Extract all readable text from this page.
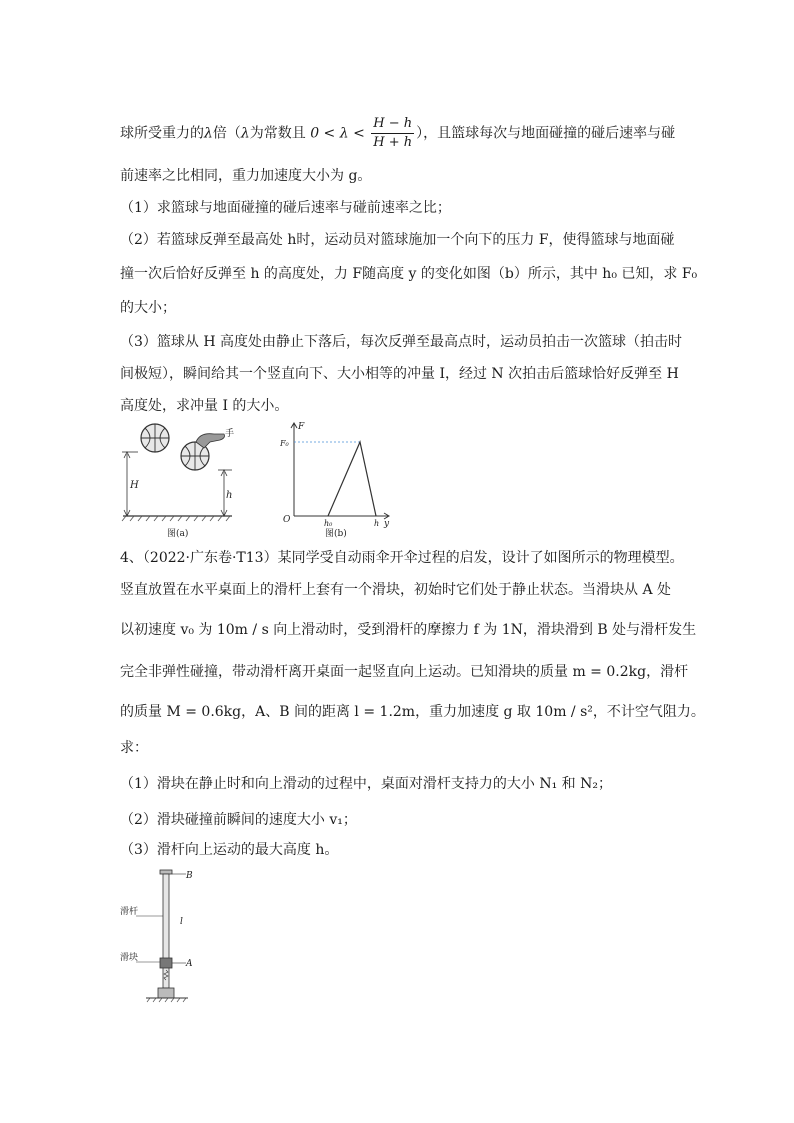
球所受重力的λ倍（λ为常数且 $0 < \lambda < \frac{H - h}{H + h}$ ），且篮球每次与地面碰撞的碰后速率与碰
前速率之比相同，重力加速度大小为 g。
（1）求篮球与地面碰撞的碰后速率与碰前速率之比；
（2）若篮球反弹至最高处 h时，运动员对篮球施加一个向下的压力 F，使得篮球与地面碰
撞一次后恰好反弹至 h 的高度处，力 F随高度 y 的变化如图（b）所示，其中 h₀ 已知，求 F₀
的大小；
（3）篮球从 H 高度处由静止下落后，每次反弹至最高点时，运动员拍击一次篮球（拍击时
间极短），瞬间给其一个竖直向下、大小相等的冲量 I，经过 N 次拍击后篮球恰好反弹至 H
高度处，求冲量 I 的大小。
手
H
h
图(a)
F
F₀
O	h₀	h y
图(b)
4、（2022·广东卷·T13）某同学受自动雨伞开伞过程的启发，设计了如图所示的物理模型。
竖直放置在水平桌面上的滑杆上套有一个滑块，初始时它们处于静止状态。当滑块从 A 处
以初速度 v₀ 为 10m / s 向上滑动时，受到滑杆的摩擦力 f 为 1N，滑块滑到 B 处与滑杆发生
完全非弹性碰撞，带动滑杆离开桌面一起竖直向上运动。已知滑块的质量 m = 0.2kg，滑杆
的质量 M = 0.6kg，A、B 间的距离 l = 1.2m，重力加速度 g 取 10m / s²，不计空气阻力。
求：
（1）滑块在静止时和向上滑动的过程中，桌面对滑杆支持力的大小 N₁ 和 N₂；
（2）滑块碰撞前瞬间的速度大小 v₁；
（3）滑杆向上运动的最大高度 h。
B
A
l
滑杆
滑块
